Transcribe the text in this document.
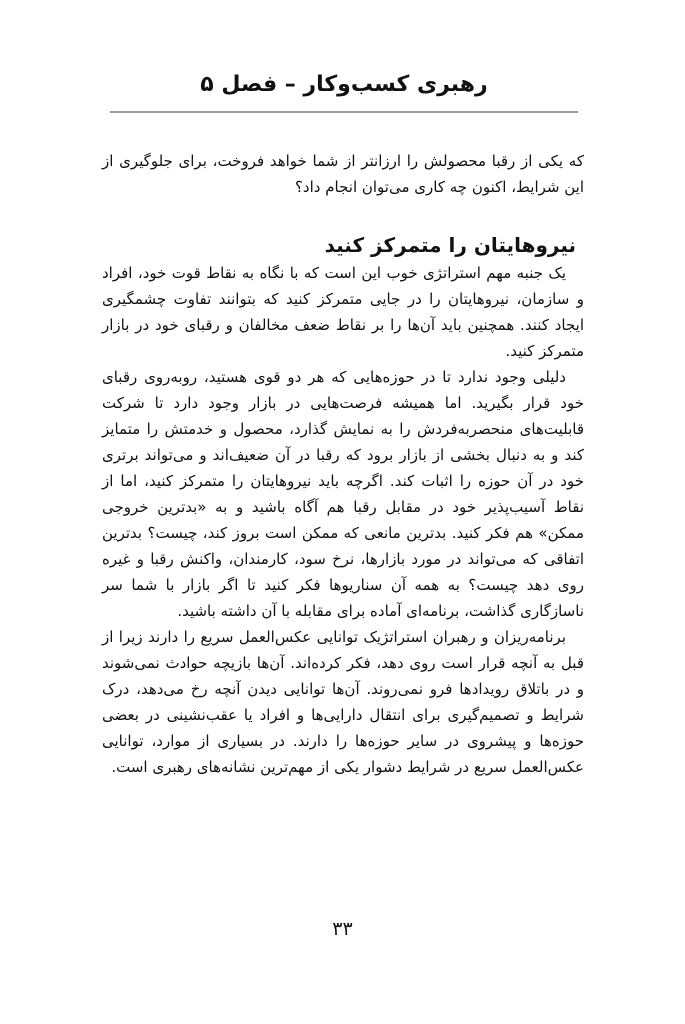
رهبری کسب‌وکار – فصل ۵

که یکی از رقبا محصولش را ارزانتر از شما خواهد فروخت، برای جلوگیری از این شرایط، اکنون چه کاری می‌توان انجام داد؟

نیروهایتان را متمرکز کنید

یک جنبه مهم استراتژی خوب این است که با نگاه به نقاط قوت خود، افراد و سازمان، نیروهایتان را در جایی متمرکز کنید که بتوانند تفاوت چشمگیری ایجاد کنند. همچنین باید آن‌ها را بر نقاط ضعف مخالفان و رقبای خود در بازار متمرکز کنید.

دلیلی وجود ندارد تا در حوزه‌هایی که هر دو قوی هستید، روبه‌روی رقبای خود قرار بگیرید. اما همیشه فرصت‌هایی در بازار وجود دارد تا شرکت قابلیت‌های منحصربه‌فردش را به نمایش گذارد، محصول و خدمتش را متمایز کند و به دنبال بخشی از بازار برود که رقبا در آن ضعیف‌اند و می‌تواند برتری خود در آن حوزه را اثبات کند. اگرچه باید نیروهایتان را متمرکز کنید، اما از نقاط آسیب‌پذیر خود در مقابل رقبا هم آگاه باشید و به «بدترین خروجی ممکن» هم فکر کنید. بدترین مانعی که ممکن است بروز کند، چیست؟ بدترین اتفاقی که می‌تواند در مورد بازارها، نرخ سود، کارمندان، واکنش رقبا و غیره روی دهد چیست؟ به همه آن سناریوها فکر کنید تا اگر بازار با شما سر ناسازگاری گذاشت، برنامه‌ای آماده برای مقابله با آن داشته باشید.

برنامه‌ریزان و رهبران استراتژیک توانایی عکس‌العمل سریع را دارند زیرا از قبل به آنچه قرار است روی دهد، فکر کرده‌اند. آن‌ها بازیچه حوادث نمی‌شوند و در باتلاق رویدادها فرو نمی‌روند. آن‌ها توانایی دیدن آنچه رخ می‌دهد، درک شرایط و تصمیم‌گیری برای انتقال دارایی‌ها و افراد یا عقب‌نشینی در بعضی حوزه‌ها و پیشروی در سایر حوزه‌ها را دارند. در بسیاری از موارد، توانایی عکس‌العمل سریع در شرایط دشوار یکی از مهم‌ترین نشانه‌های رهبری است.

۳۳
